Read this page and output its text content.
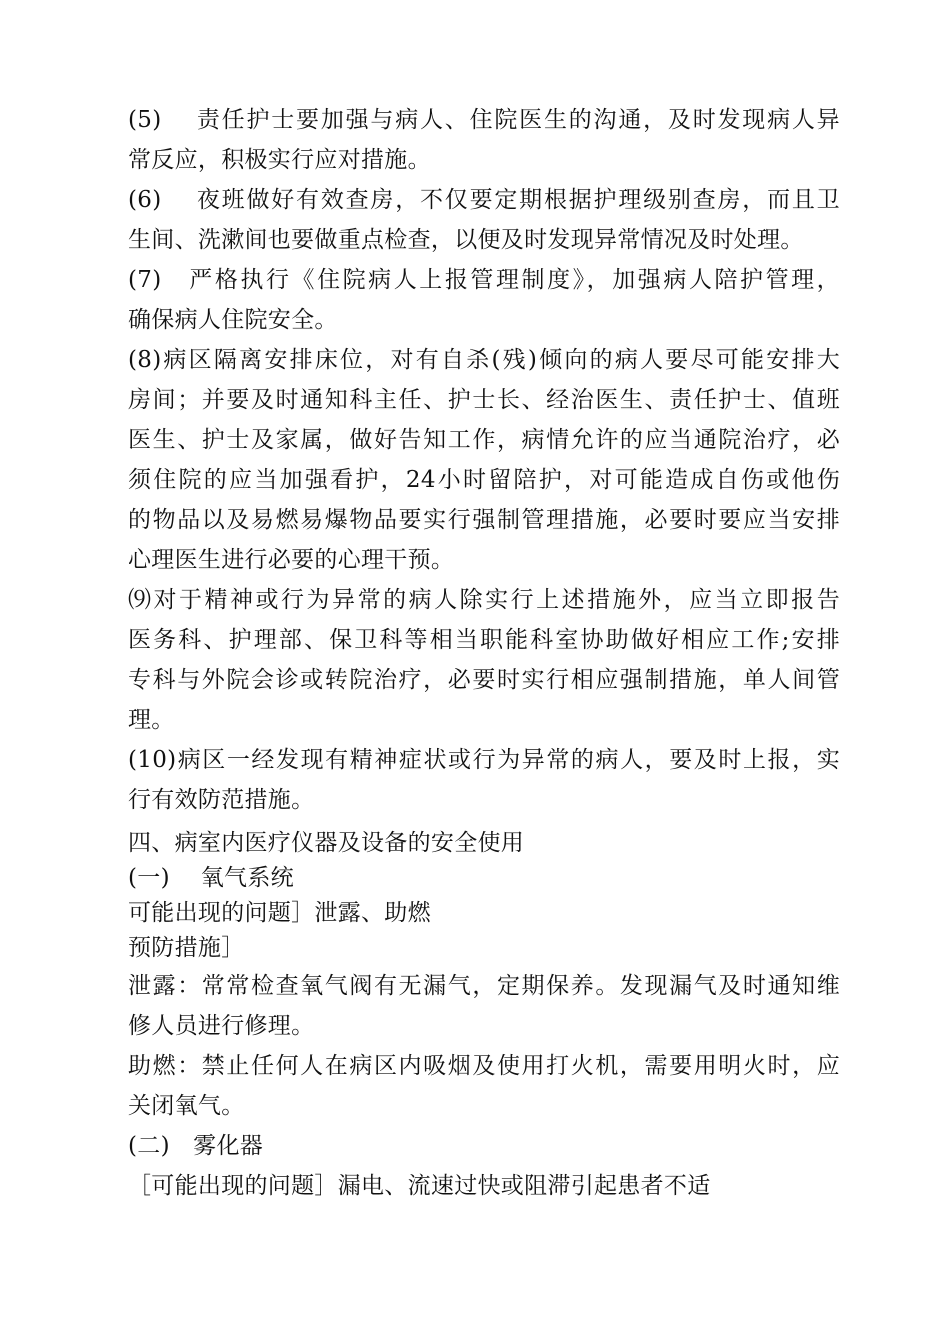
(5)　 责任护士要加强与病人、住院医生的沟通，及时发现病人异

常反应，积极实行应对措施。

(6)　 夜班做好有效查房，不仅要定期根据护理级别查房，而且卫

生间、洗漱间也要做重点检查，以便及时发现异常情况及时处理。

(7)　严格执行《住院病人上报管理制度》，加强病人陪护管理，

确保病人住院安全。

(8)病区隔离安排床位，对有自杀(残)倾向的病人要尽可能安排大

房间；并要及时通知科主任、护士长、经治医生、责任护士、值班

医生、护士及家属，做好告知工作，病情允许的应当通院治疗，必

须住院的应当加强看护，24小时留陪护，对可能造成自伤或他伤

的物品以及易燃易爆物品要实行强制管理措施，必要时要应当安排

心理医生进行必要的心理干预。

⑼对于精神或行为异常的病人除实行上述措施外，应当立即报告

医务科、护理部、保卫科等相当职能科室协助做好相应工作;安排

专科与外院会诊或转院治疗，必要时实行相应强制措施，单人间管

理。

(10)病区一经发现有精神症状或行为异常的病人，要及时上报，实

行有效防范措施。

四、病室内医疗仪器及设备的安全使用

(一)　 氧气系统

可能出现的问题］泄露、助燃

预防措施］

泄露：常常检查氧气阀有无漏气，定期保养。发现漏气及时通知维

修人员进行修理。

助燃：禁止任何人在病区内吸烟及使用打火机，需要用明火时，应

关闭氧气。

(二)　雾化器

［可能出现的问题］漏电、流速过快或阻滞引起患者不适
